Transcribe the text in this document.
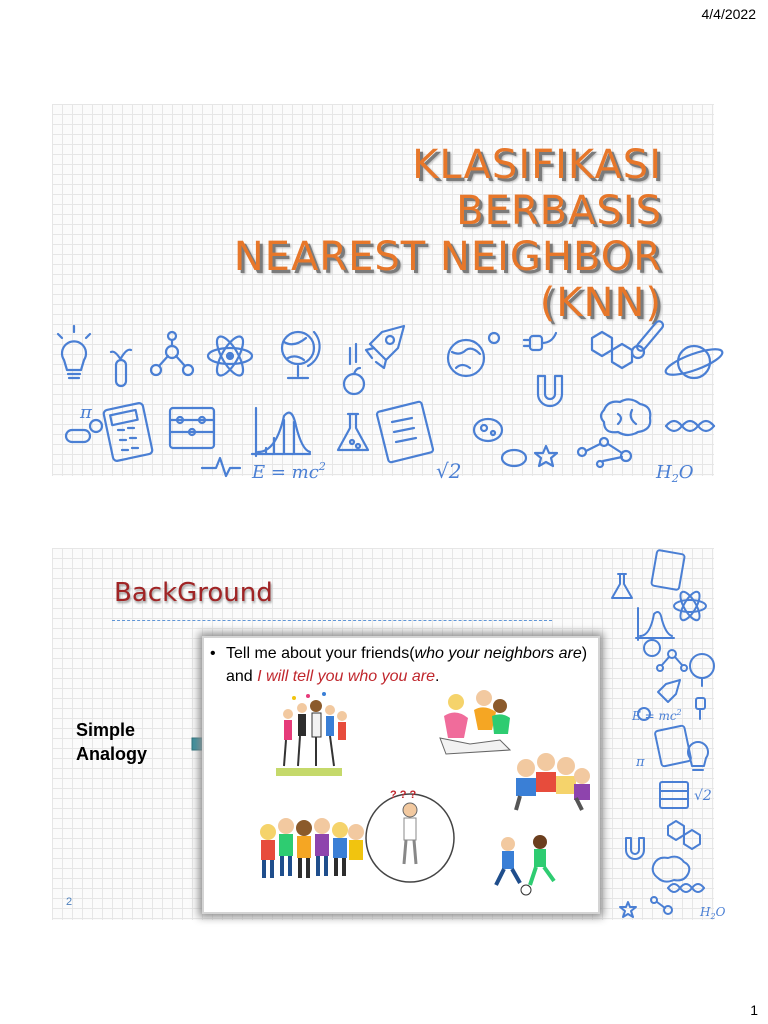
4/4/2022
KLASIFIKASI BERBASIS
NEAREST NEIGHBOR
(KNN)
π
$E = mc^2$	√2	$H_2O$
$E = mc^2$
π
√2
$H_2O$
BackGround

Simple Analogy

• Tell me about your friends(who your neighbors are) and I will tell you who you are.

? ? ?
2
1
